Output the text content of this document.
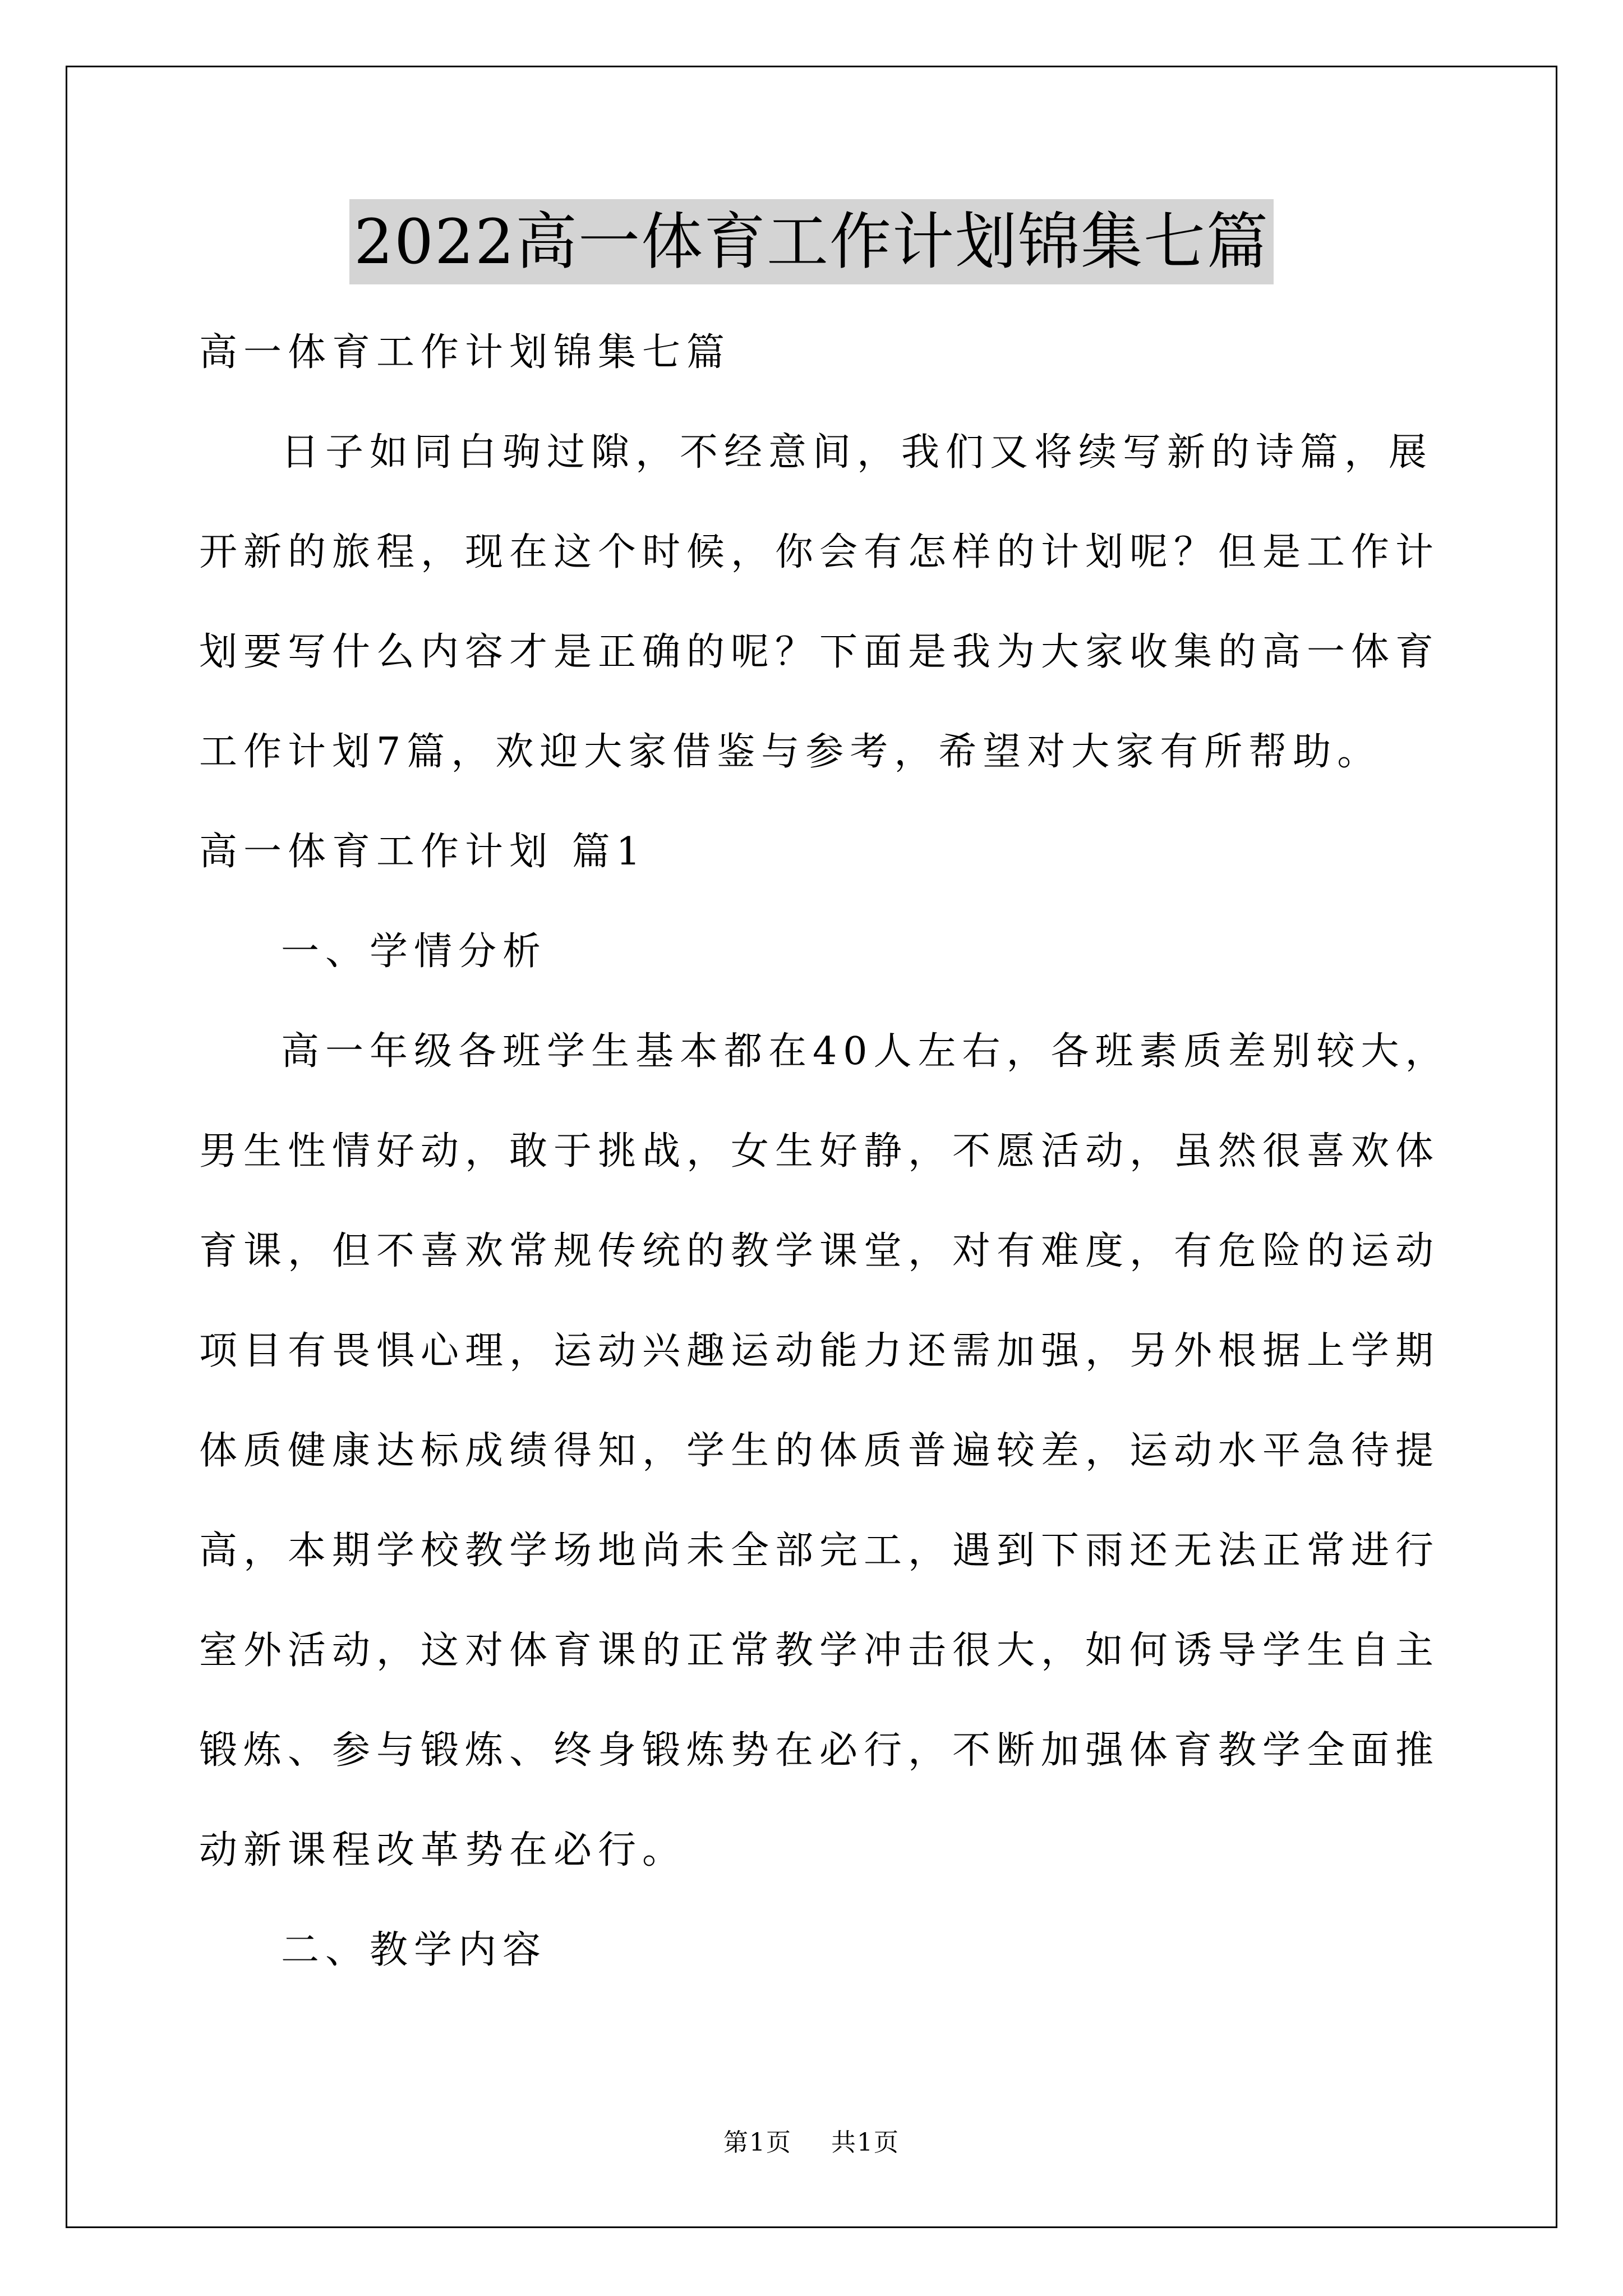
2022高一体育工作计划锦集七篇

高一体育工作计划锦集七篇

日子如同白驹过隙，不经意间，我们又将续写新的诗篇，展开新的旅程，现在这个时候，你会有怎样的计划呢？但是工作计划要写什么内容才是正确的呢？下面是我为大家收集的高一体育工作计划7篇，欢迎大家借鉴与参考，希望对大家有所帮助。

高一体育工作计划 篇1

一、学情分析

高一年级各班学生基本都在40人左右，各班素质差别较大，男生性情好动，敢于挑战，女生好静，不愿活动，虽然很喜欢体育课，但不喜欢常规传统的教学课堂，对有难度，有危险的运动项目有畏惧心理，运动兴趣运动能力还需加强，另外根据上学期体质健康达标成绩得知，学生的体质普遍较差，运动水平急待提高，本期学校教学场地尚未全部完工，遇到下雨还无法正常进行室外活动，这对体育课的正常教学冲击很大，如何诱导学生自主锻炼、参与锻炼、终身锻炼势在必行，不断加强体育教学全面推动新课程改革势在必行。

二、教学内容

第1页 共1页
